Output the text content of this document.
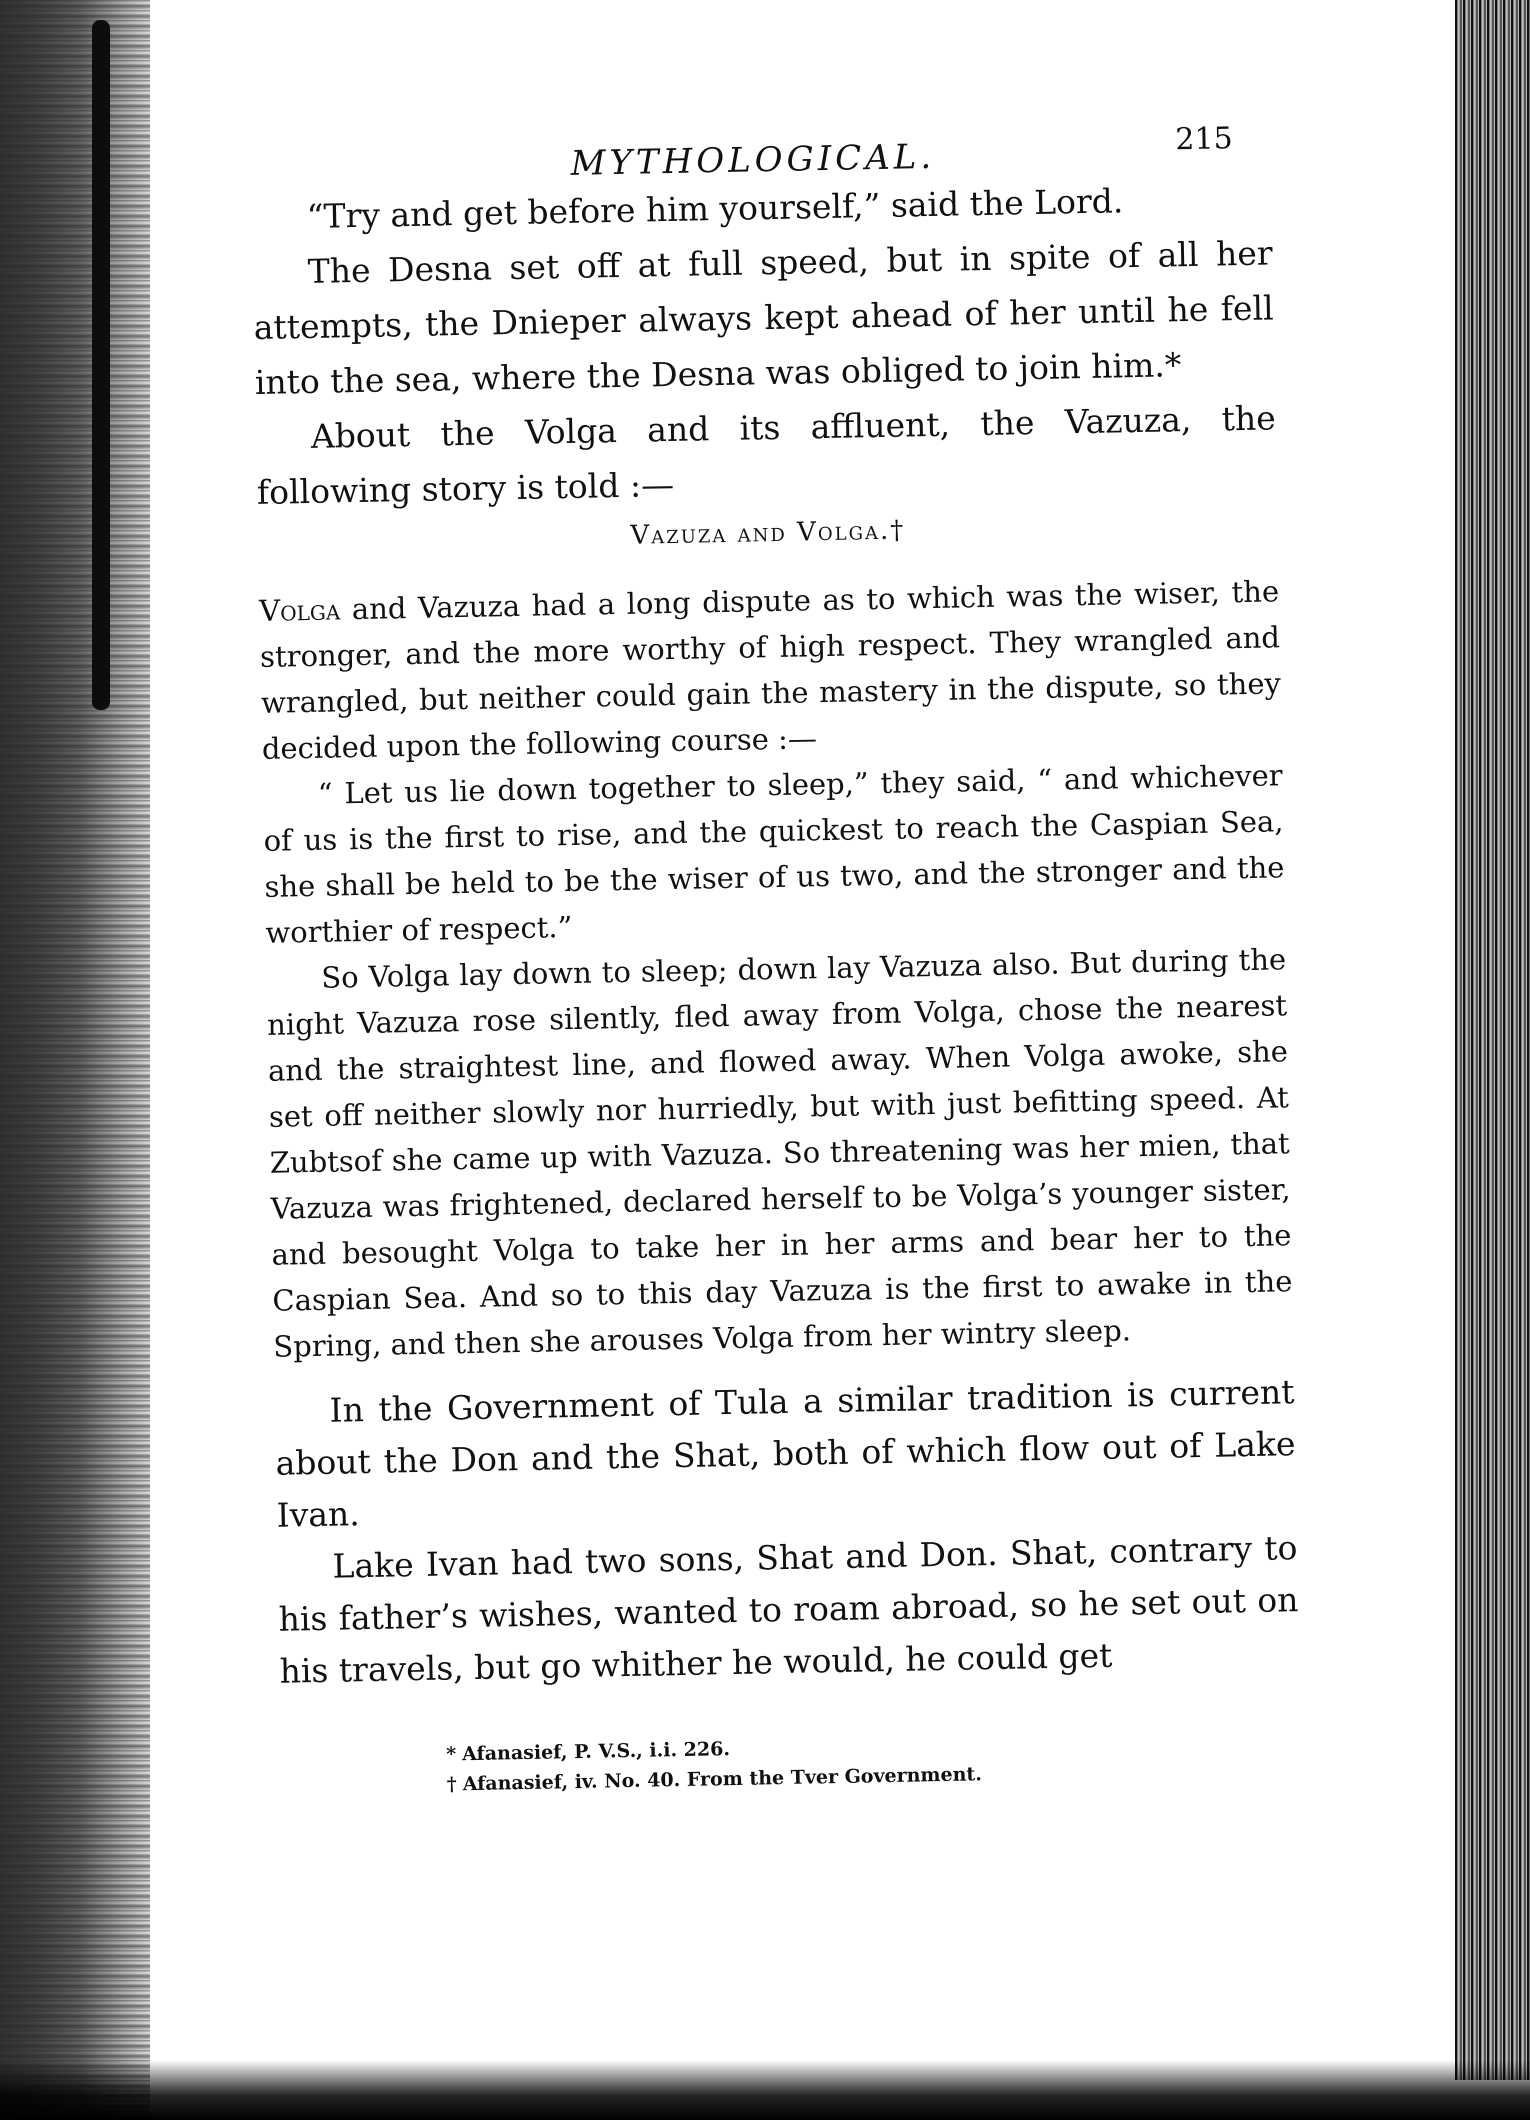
MYTHOLOGICAL.	215

“Try and get before him yourself,” said the Lord.

The Desna set off at full speed, but in spite of all her attempts, the Dnieper always kept ahead of her until he fell into the sea, where the Desna was obliged to join him.*

About the Volga and its affluent, the Vazuza, the following story is told :—

Vazuza and Volga.†

Volga and Vazuza had a long dispute as to which was the wiser, the stronger, and the more worthy of high respect. They wrangled and wrangled, but neither could gain the mastery in the dispute, so they decided upon the following course :—

“ Let us lie down together to sleep,” they said, “ and whichever of us is the first to rise, and the quickest to reach the Caspian Sea, she shall be held to be the wiser of us two, and the stronger and the worthier of respect.”

So Volga lay down to sleep; down lay Vazuza also. But during the night Vazuza rose silently, fled away from Volga, chose the nearest and the straightest line, and flowed away. When Volga awoke, she set off neither slowly nor hurriedly, but with just befitting speed. At Zubtsof she came up with Vazuza. So threatening was her mien, that Vazuza was frightened, declared herself to be Volga’s younger sister, and besought Volga to take her in her arms and bear her to the Caspian Sea. And so to this day Vazuza is the first to awake in the Spring, and then she arouses Volga from her wintry sleep.

In the Government of Tula a similar tradition is current about the Don and the Shat, both of which flow out of Lake Ivan.

Lake Ivan had two sons, Shat and Don. Shat, contrary to his father’s wishes, wanted to roam abroad, so he set out on his travels, but go whither he would, he could get

* Afanasief, P. V.S., i.i. 226.
† Afanasief, iv. No. 40. From the Tver Government.
